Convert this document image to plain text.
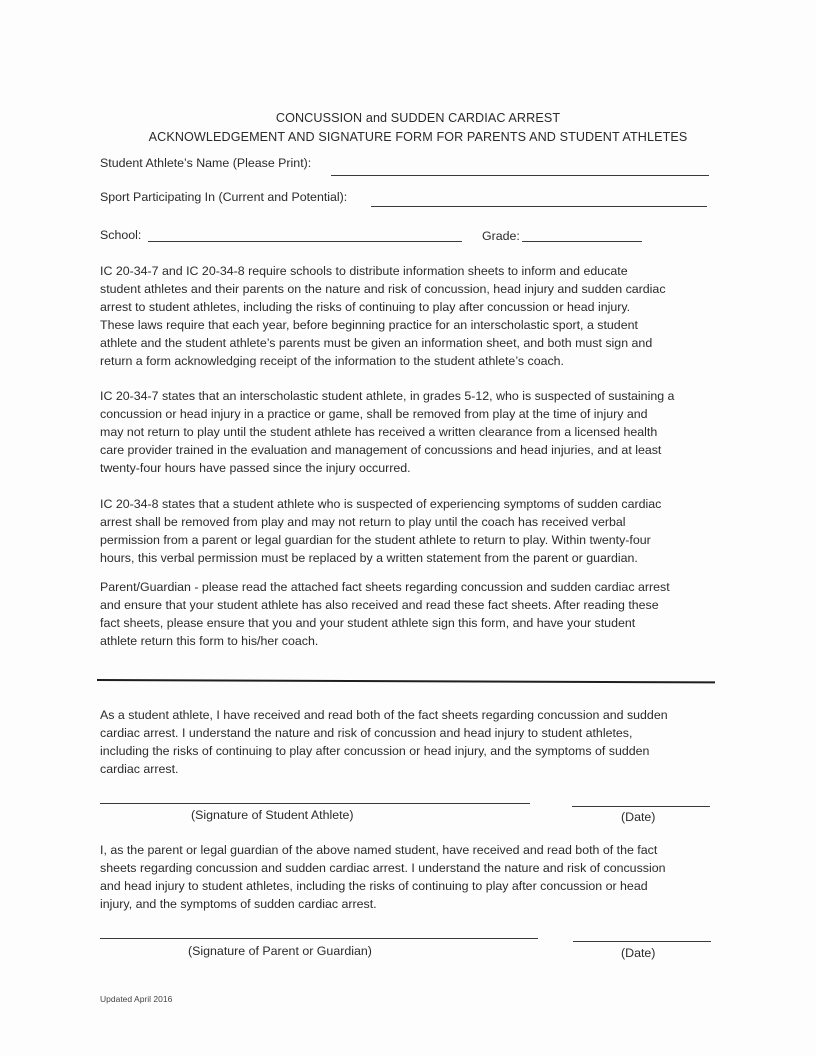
CONCUSSION and SUDDEN CARDIAC ARREST
ACKNOWLEDGEMENT AND SIGNATURE FORM FOR PARENTS AND STUDENT ATHLETES
Student Athlete’s Name (Please Print):
Sport Participating In (Current and Potential):
School:	Grade:
IC 20-34-7 and IC 20-34-8 require schools to distribute information sheets to inform and educate
student athletes and their parents on the nature and risk of concussion, head injury and sudden cardiac
arrest to student athletes, including the risks of continuing to play after concussion or head injury.
These laws require that each year, before beginning practice for an interscholastic sport, a student
athlete and the student athlete’s parents must be given an information sheet, and both must sign and
return a form acknowledging receipt of the information to the student athlete’s coach.
IC 20-34-7 states that an interscholastic student athlete, in grades 5-12, who is suspected of sustaining a
concussion or head injury in a practice or game, shall be removed from play at the time of injury and
may not return to play until the student athlete has received a written clearance from a licensed health
care provider trained in the evaluation and management of concussions and head injuries, and at least
twenty-four hours have passed since the injury occurred.
IC 20-34-8 states that a student athlete who is suspected of experiencing symptoms of sudden cardiac
arrest shall be removed from play and may not return to play until the coach has received verbal
permission from a parent or legal guardian for the student athlete to return to play. Within twenty-four
hours, this verbal permission must be replaced by a written statement from the parent or guardian.
Parent/Guardian - please read the attached fact sheets regarding concussion and sudden cardiac arrest
and ensure that your student athlete has also received and read these fact sheets. After reading these
fact sheets, please ensure that you and your student athlete sign this form, and have your student
athlete return this form to his/her coach.
As a student athlete, I have received and read both of the fact sheets regarding concussion and sudden
cardiac arrest. I understand the nature and risk of concussion and head injury to student athletes,
including the risks of continuing to play after concussion or head injury, and the symptoms of sudden
cardiac arrest.
(Signature of Student Athlete)	(Date)
I, as the parent or legal guardian of the above named student, have received and read both of the fact
sheets regarding concussion and sudden cardiac arrest. I understand the nature and risk of concussion
and head injury to student athletes, including the risks of continuing to play after concussion or head
injury, and the symptoms of sudden cardiac arrest.
(Signature of Parent or Guardian)	(Date)
Updated April 2016
